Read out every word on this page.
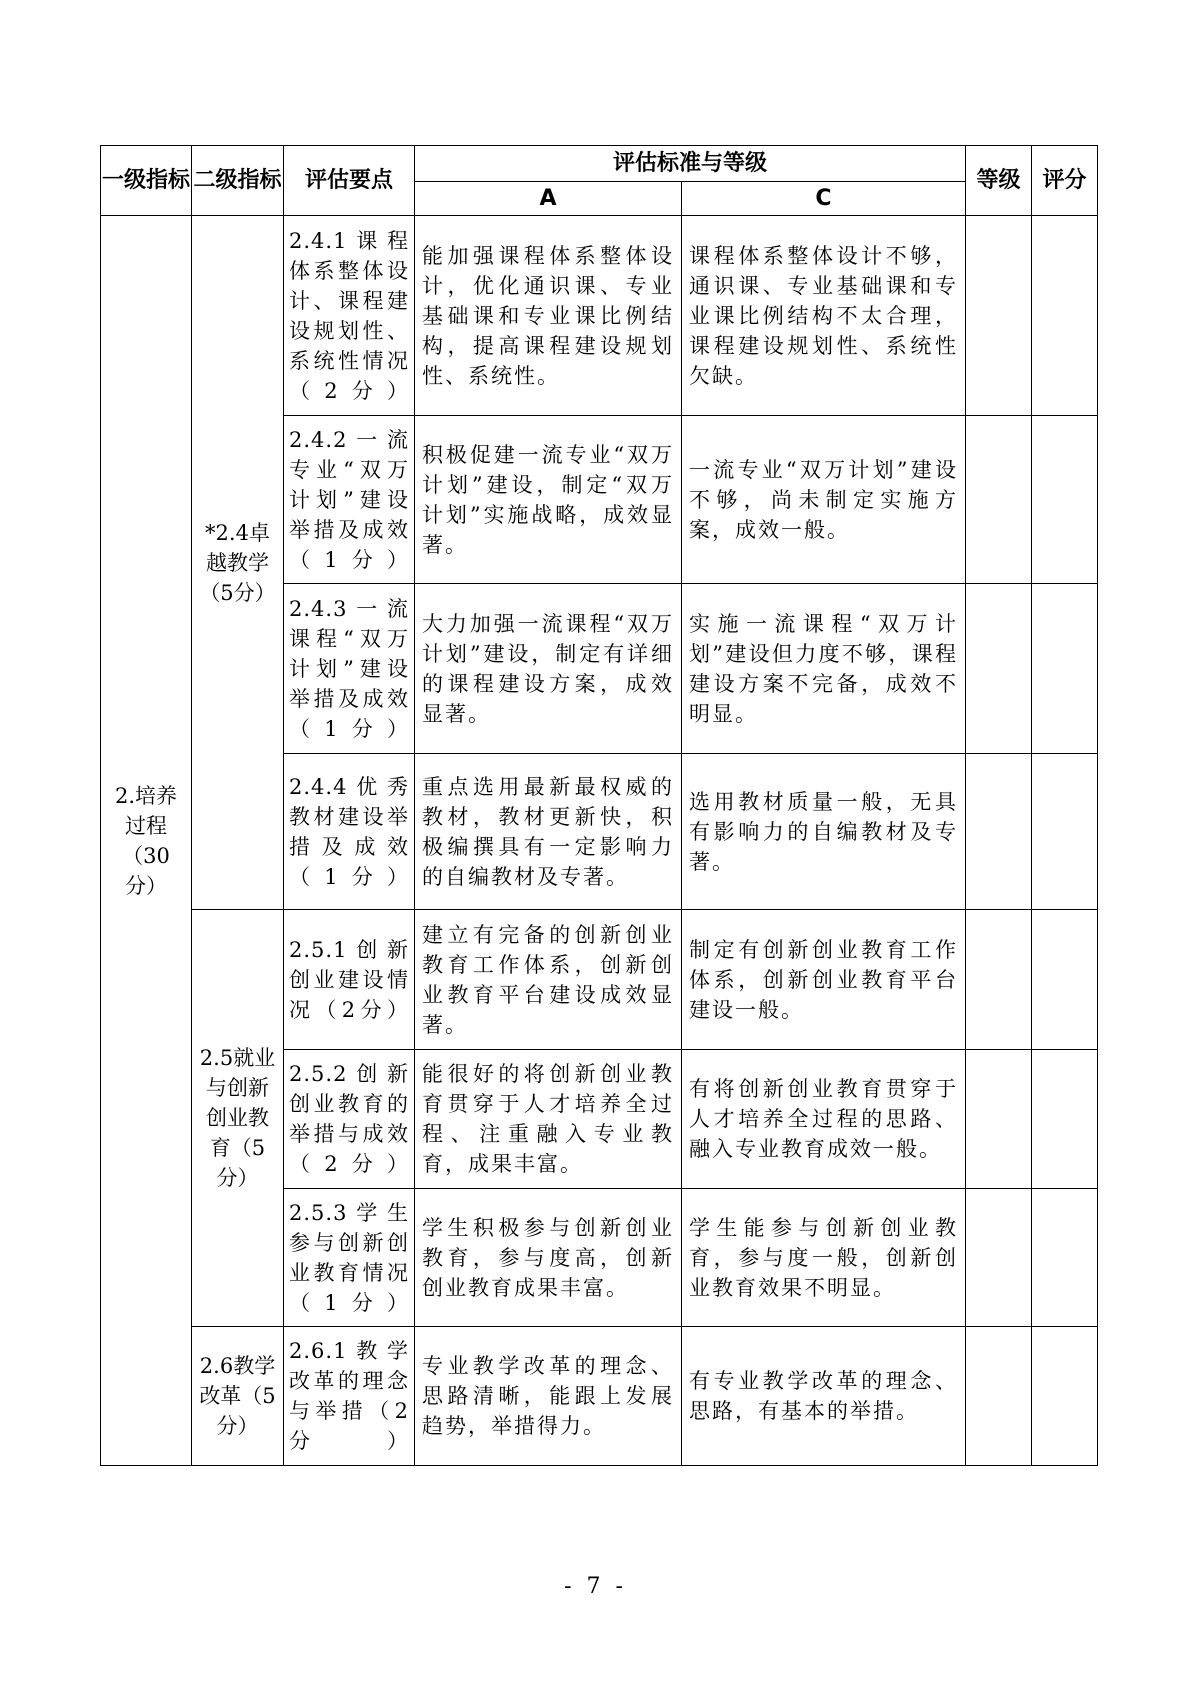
一级指标	二级指标	评估要点	评估标准与等级		等级	评分
			A	C		
2.培养过程（30分）	*2.4卓越教学（5分）	2.4.1课程体系整体设计、课程建设规划性、系统性情况（2分）	能加强课程体系整体设计，优化通识课、专业基础课和专业课比例结构，提高课程建设规划性、系统性。	课程体系整体设计不够，通识课、专业基础课和专业课比例结构不太合理，课程建设规划性、系统性欠缺。		
		2.4.2一流专业“双万计划”建设举措及成效（1分）	积极促建一流专业“双万计划”建设，制定“双万计划”实施战略，成效显著。	一流专业“双万计划”建设不够，尚未制定实施方案，成效一般。		
		2.4.3一流课程“双万计划”建设举措及成效（1分）	大力加强一流课程“双万计划”建设，制定有详细的课程建设方案，成效显著。	实施一流课程“双万计划”建设但力度不够，课程建设方案不完备，成效不明显。		
		2.4.4优秀教材建设举措及成效（1分）	重点选用最新最权威的教材，教材更新快，积极编撰具有一定影响力的自编教材及专著。	选用教材质量一般，无具有影响力的自编教材及专著。		
	2.5就业与创新创业教育（5分）	2.5.1创新创业建设情况（2分）	建立有完备的创新创业教育工作体系，创新创业教育平台建设成效显著。	制定有创新创业教育工作体系，创新创业教育平台建设一般。		
		2.5.2创新创业教育的举措与成效（2分）	能很好的将创新创业教育贯穿于人才培养全过程、注重融入专业教育，成果丰富。	有将创新创业教育贯穿于人才培养全过程的思路、融入专业教育成效一般。		
		2.5.3学生参与创新创业教育情况（1分）	学生积极参与创新创业教育，参与度高，创新创业教育成果丰富。	学生能参与创新创业教育，参与度一般，创新创业教育效果不明显。		
	2.6教学改革（5分）	2.6.1教学改革的理念与举措（2分）	专业教学改革的理念、思路清晰，能跟上发展趋势，举措得力。	有专业教学改革的理念、思路，有基本的举措。		
- 7 -
